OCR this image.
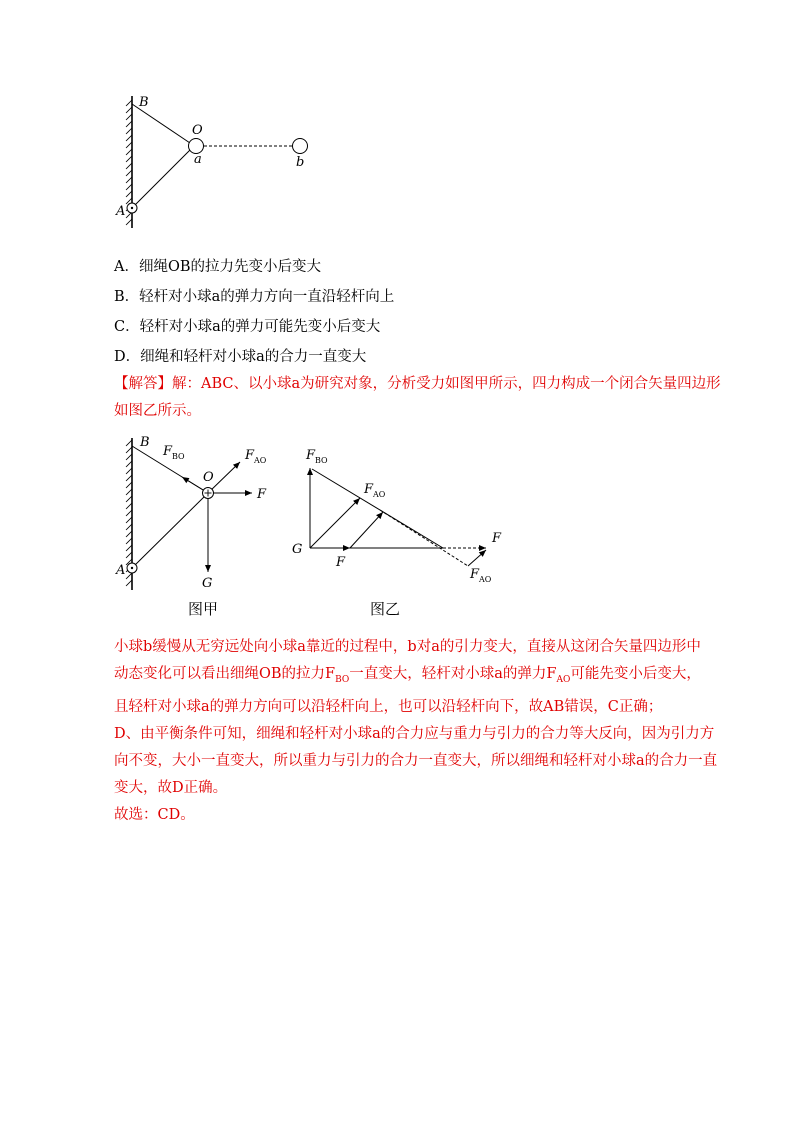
B
O
a	b
A
A．细绳OB的拉力先变小后变大
B．轻杆对小球a的弹力方向一直沿轻杆向上
C．轻杆对小球a的弹力可能先变小后变大
D．细绳和轻杆对小球a的合力一直变大
【解答】解：ABC、以小球a为研究对象，分析受力如图甲所示，四力构成一个闭合矢量四边形
如图乙所示。
B
$F_{BO}$
O
$F_{AO}$
F
A
G
图甲
$F_{BO}$
$F_{AO}$
G
F
F
$F_{AO}$
图乙
小球b缓慢从无穷远处向小球a靠近的过程中，b对a的引力变大，直接从这闭合矢量四边形中
动态变化可以看出细绳OB的拉力$F_{BO}$一直变大，轻杆对小球a的弹力$F_{AO}$可能先变小后变大，
且轻杆对小球a的弹力方向可以沿轻杆向上，也可以沿轻杆向下，故AB错误，C正确；
D、由平衡条件可知，细绳和轻杆对小球a的合力应与重力与引力的合力等大反向，因为引力方
向不变，大小一直变大，所以重力与引力的合力一直变大，所以细绳和轻杆对小球a的合力一直
变大，故D正确。
故选：CD。
